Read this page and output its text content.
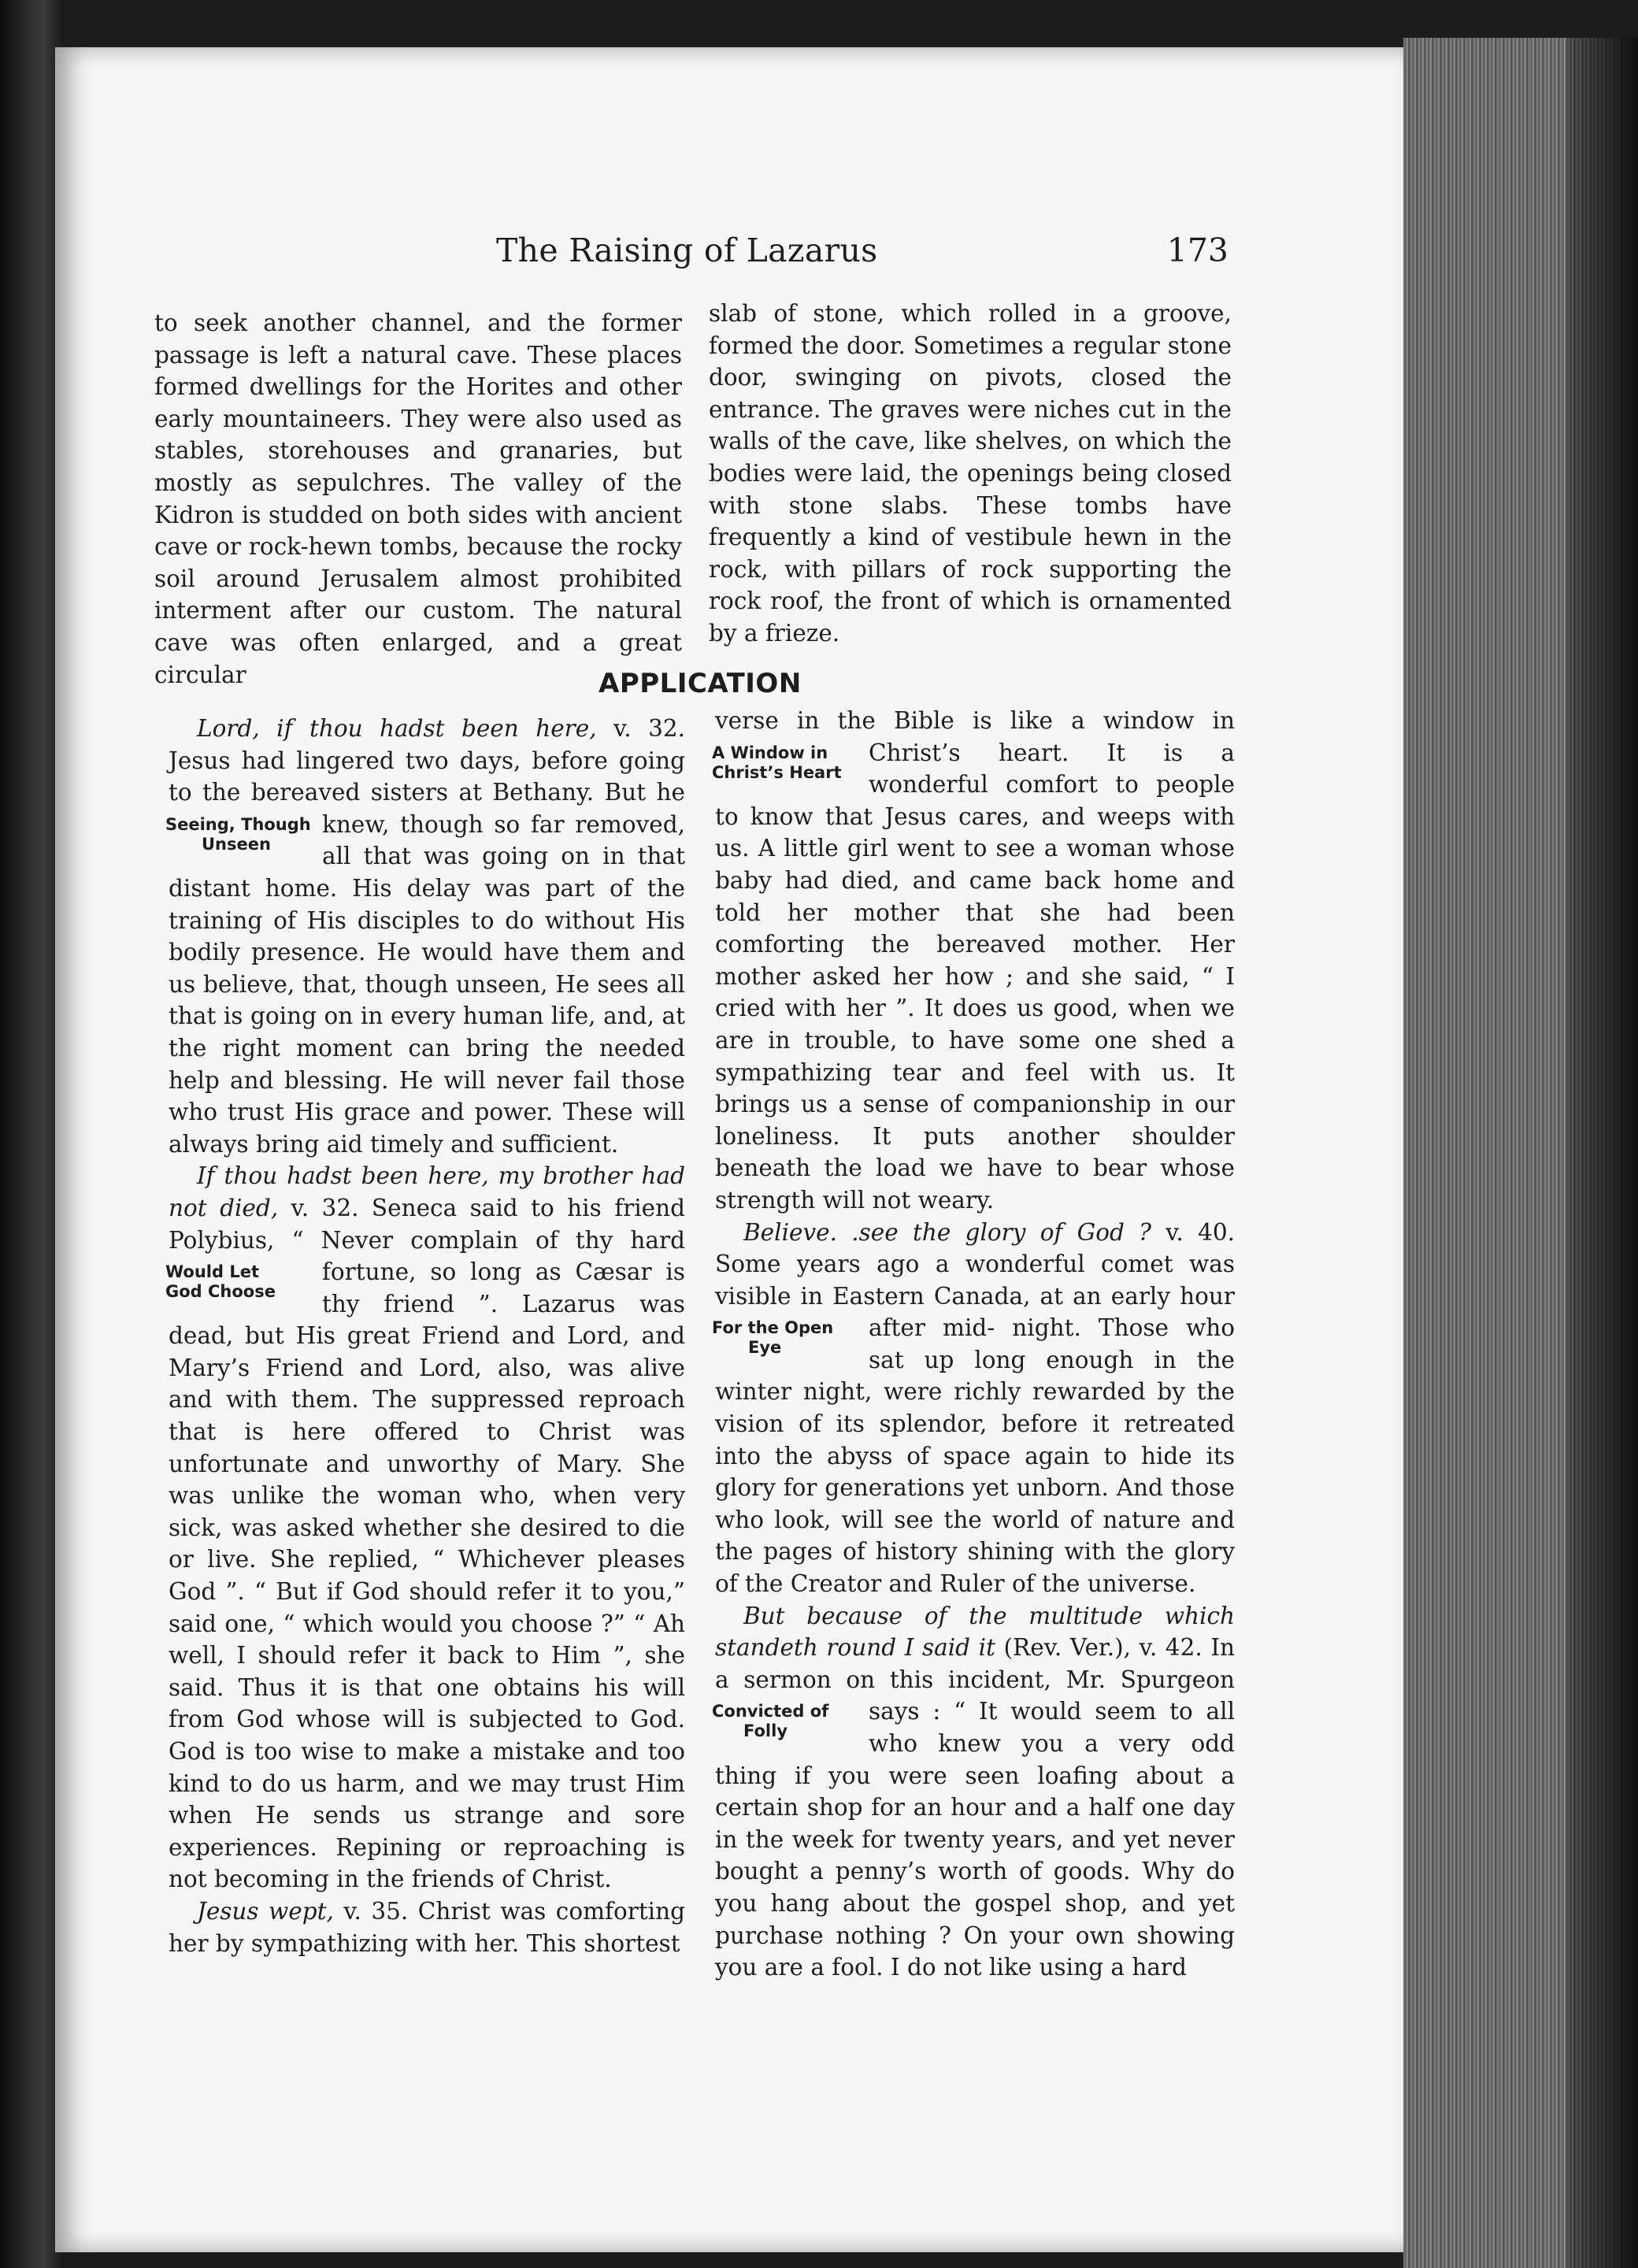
The Raising of Lazarus	173

to seek another channel, and the former passage is left a natural cave. These places formed dwellings for the Horites and other early mountaineers. They were also used as stables, storehouses and granaries, but mostly as sepulchres. The valley of the Kidron is studded on both sides with ancient cave or rock-hewn tombs, because the rocky soil around Jerusalem almost prohibited interment after our custom. The natural cave was often enlarged, and a great circular

slab of stone, which rolled in a groove, formed the door. Sometimes a regular stone door, swinging on pivots, closed the entrance. The graves were niches cut in the walls of the cave, like shelves, on which the bodies were laid, the openings being closed with stone slabs. These tombs have frequently a kind of vestibule hewn in the rock, with pillars of rock supporting the rock roof, the front of which is ornamented by a frieze.

APPLICATION

Lord, if thou hadst been here, v. 32. Jesus had lingered two days, before going to the bereaved sisters at Bethany. But he knew,
Seeing, Though
Unseen
though so far removed, all that was going on in that distant home. His delay was part of the training of His disciples to do without His bodily presence. He would have them and us believe, that, though unseen, He sees all that is going on in every human life, and, at the right moment can bring the needed help and blessing. He will never fail those who trust His grace and power. These will always bring aid timely and sufficient.

If thou hadst been here, my brother had not died, v. 32. Seneca said to his friend Polybius, “ Never complain of thy hard fortune,
Would Let
God Choose
so long as Cæsar is thy friend ”. Lazarus was dead, but His great Friend and Lord, and Mary’s Friend and Lord, also, was alive and with them. The suppressed reproach that is here offered to Christ was unfortunate and unworthy of Mary. She was unlike the woman who, when very sick, was asked whether she desired to die or live. She replied, “ Whichever pleases God ”. “ But if God should refer it to you,” said one, “ which would you choose ?” “ Ah well, I should refer it back to Him ”, she said. Thus it is that one obtains his will from God whose will is subjected to God. God is too wise to make a mistake and too kind to do us harm, and we may trust Him when He sends us strange and sore experiences. Repining or reproaching is not becoming in the friends of Christ.

Jesus wept, v. 35. Christ was comforting her by sympathizing with her. This shortest

verse in the Bible is like a window in Christ’s
A Window in
Christ’s Heart
heart. It is a wonderful comfort to people to know that Jesus cares, and weeps with us. A little girl went to see a woman whose baby had died, and came back home and told her mother that she had been comforting the bereaved mother. Her mother asked her how ; and she said, “ I cried with her ”. It does us good, when we are in trouble, to have some one shed a sympathizing tear and feel with us. It brings us a sense of companionship in our loneliness. It puts another shoulder beneath the load we have to bear whose strength will not weary.

Believe. .see the glory of God ? v. 40. Some years ago a wonderful comet was visible in Eastern Canada, at an early hour after mid-
For the Open
Eye
night. Those who sat up long enough in the winter night, were richly rewarded by the vision of its splendor, before it retreated into the abyss of space again to hide its glory for generations yet unborn. And those who look, will see the world of nature and the pages of history shining with the glory of the Creator and Ruler of the universe.

But because of the multitude which standeth round I said it (Rev. Ver.), v. 42. In a sermon on this incident, Mr. Spurgeon says :
Convicted of
Folly
“ It would seem to all who knew you a very odd thing if you were seen loafing about a certain shop for an hour and a half one day in the week for twenty years, and yet never bought a penny’s worth of goods. Why do you hang about the gospel shop, and yet purchase nothing ? On your own showing you are a fool. I do not like using a hard
